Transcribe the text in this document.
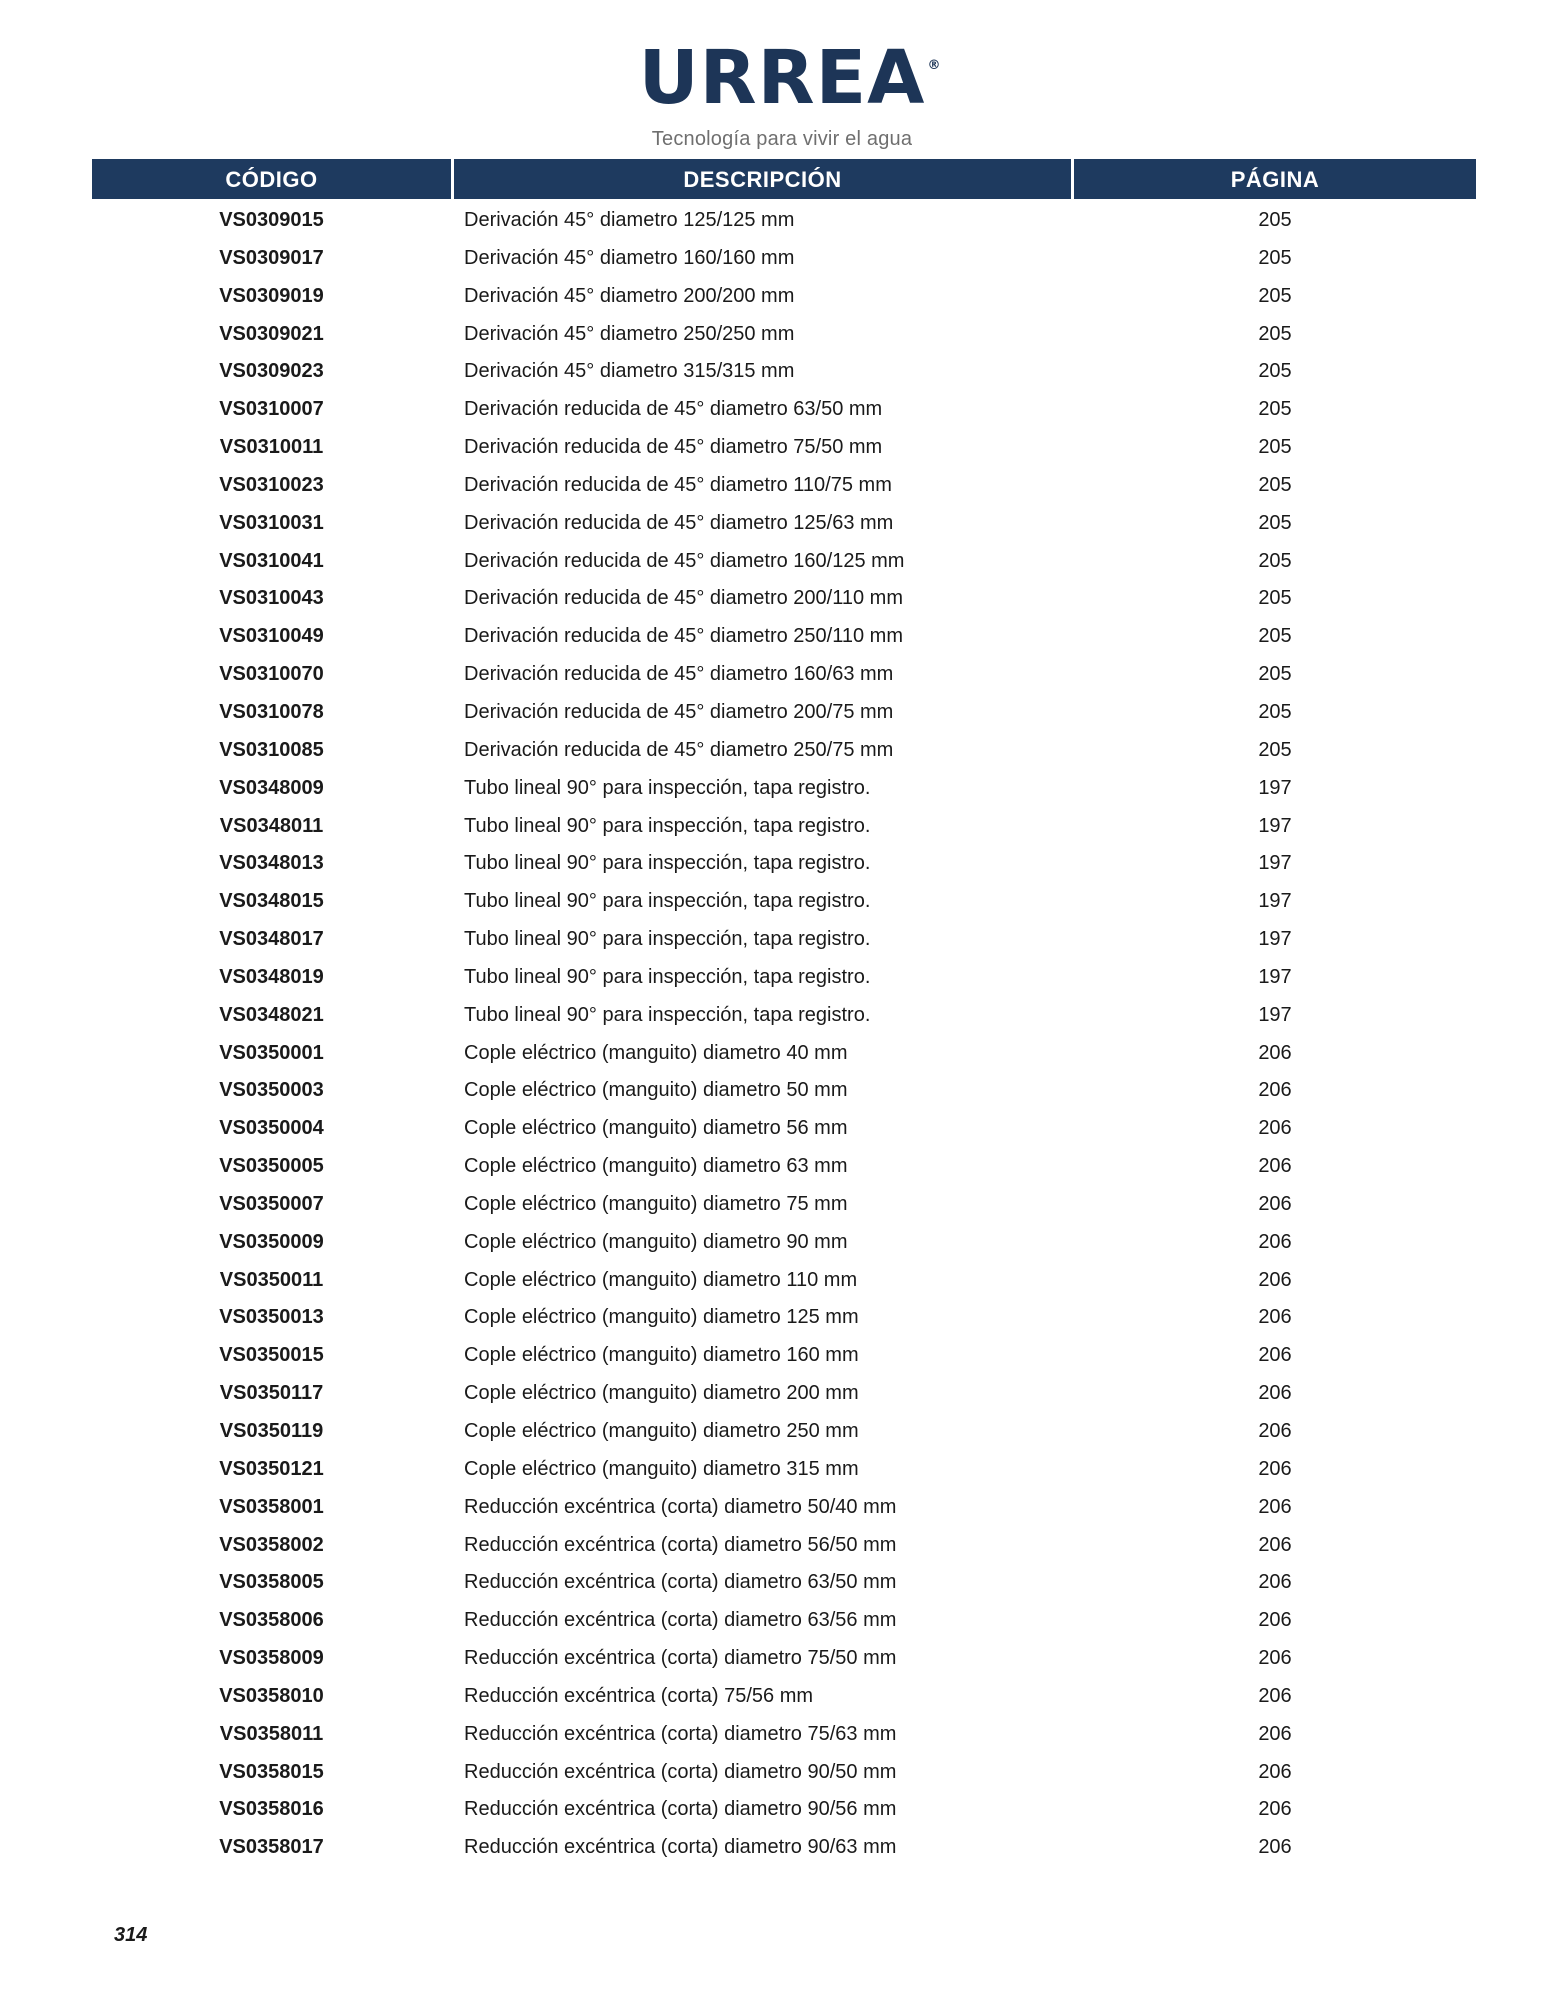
URREA ®
Tecnología para vivir el agua
CÓDIGO	DESCRIPCIÓN	PÁGINA
VS0309015	Derivación 45° diametro 125/125 mm	205
VS0309017	Derivación 45° diametro 160/160 mm	205
VS0309019	Derivación 45° diametro 200/200 mm	205
VS0309021	Derivación 45° diametro 250/250 mm	205
VS0309023	Derivación 45° diametro 315/315 mm	205
VS0310007	Derivación reducida de 45° diametro 63/50 mm	205
VS0310011	Derivación reducida de 45° diametro 75/50 mm	205
VS0310023	Derivación reducida de 45° diametro 110/75 mm	205
VS0310031	Derivación reducida de 45° diametro 125/63 mm	205
VS0310041	Derivación reducida de 45° diametro 160/125 mm	205
VS0310043	Derivación reducida de 45° diametro 200/110 mm	205
VS0310049	Derivación reducida de 45° diametro 250/110 mm	205
VS0310070	Derivación reducida de 45° diametro 160/63 mm	205
VS0310078	Derivación reducida de 45° diametro 200/75 mm	205
VS0310085	Derivación reducida de 45° diametro 250/75 mm	205
VS0348009	Tubo lineal 90° para inspección, tapa registro.	197
VS0348011	Tubo lineal 90° para inspección, tapa registro.	197
VS0348013	Tubo lineal 90° para inspección, tapa registro.	197
VS0348015	Tubo lineal 90° para inspección, tapa registro.	197
VS0348017	Tubo lineal 90° para inspección, tapa registro.	197
VS0348019	Tubo lineal 90° para inspección, tapa registro.	197
VS0348021	Tubo lineal 90° para inspección, tapa registro.	197
VS0350001	Cople eléctrico (manguito) diametro 40 mm	206
VS0350003	Cople eléctrico (manguito) diametro 50 mm	206
VS0350004	Cople eléctrico (manguito) diametro 56 mm	206
VS0350005	Cople eléctrico (manguito) diametro 63 mm	206
VS0350007	Cople eléctrico (manguito) diametro 75 mm	206
VS0350009	Cople eléctrico (manguito) diametro 90 mm	206
VS0350011	Cople eléctrico (manguito) diametro 110 mm	206
VS0350013	Cople eléctrico (manguito) diametro 125 mm	206
VS0350015	Cople eléctrico (manguito) diametro 160 mm	206
VS0350117	Cople eléctrico (manguito) diametro 200 mm	206
VS0350119	Cople eléctrico (manguito) diametro 250 mm	206
VS0350121	Cople eléctrico (manguito) diametro 315 mm	206
VS0358001	Reducción excéntrica (corta) diametro 50/40 mm	206
VS0358002	Reducción excéntrica (corta) diametro 56/50 mm	206
VS0358005	Reducción excéntrica (corta) diametro 63/50 mm	206
VS0358006	Reducción excéntrica (corta) diametro 63/56 mm	206
VS0358009	Reducción excéntrica (corta) diametro 75/50 mm	206
VS0358010	Reducción excéntrica (corta) 75/56 mm	206
VS0358011	Reducción excéntrica (corta) diametro 75/63 mm	206
VS0358015	Reducción excéntrica (corta) diametro 90/50 mm	206
VS0358016	Reducción excéntrica (corta) diametro 90/56 mm	206
VS0358017	Reducción excéntrica (corta) diametro 90/63 mm	206
314
